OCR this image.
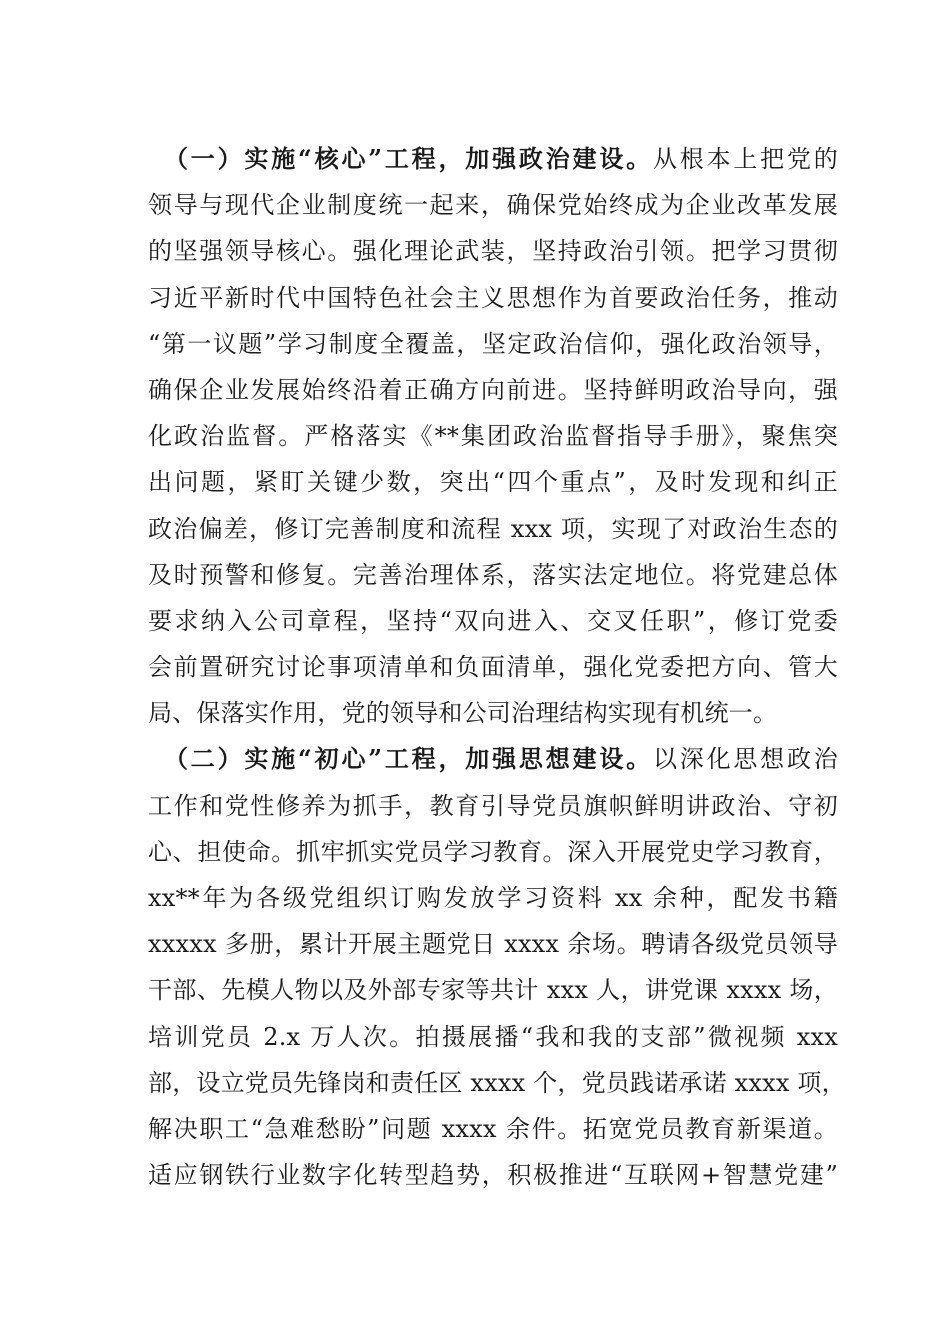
（一）实施“核心”工程，加强政治建设。从根本上把党的
领导与现代企业制度统一起来，确保党始终成为企业改革发展
的坚强领导核心。强化理论武装，坚持政治引领。把学习贯彻
习近平新时代中国特色社会主义思想作为首要政治任务，推动
“第一议题”学习制度全覆盖，坚定政治信仰，强化政治领导，
确保企业发展始终沿着正确方向前进。坚持鲜明政治导向，强
化政治监督。严格落实《**集团政治监督指导手册》，聚焦突
出问题，紧盯关键少数，突出“四个重点”，及时发现和纠正
政治偏差，修订完善制度和流程 xxx 项，实现了对政治生态的
及时预警和修复。完善治理体系，落实法定地位。将党建总体
要求纳入公司章程，坚持“双向进入、交叉任职”，修订党委
会前置研究讨论事项清单和负面清单，强化党委把方向、管大
局、保落实作用，党的领导和公司治理结构实现有机统一。
（二）实施“初心”工程，加强思想建设。以深化思想政治
工作和党性修养为抓手，教育引导党员旗帜鲜明讲政治、守初
心、担使命。抓牢抓实党员学习教育。深入开展党史学习教育，
xx**年为各级党组织订购发放学习资料 xx 余种，配发书籍
xxxxx 多册，累计开展主题党日 xxxx 余场。聘请各级党员领导
干部、先模人物以及外部专家等共计 xxx 人，讲党课 xxxx 场，
培训党员 2.x 万人次。拍摄展播“我和我的支部”微视频 xxx
部，设立党员先锋岗和责任区 xxxx 个，党员践诺承诺 xxxx 项，
解决职工“急难愁盼”问题 xxxx 余件。拓宽党员教育新渠道。
适应钢铁行业数字化转型趋势，积极推进“互联网+智慧党建”
